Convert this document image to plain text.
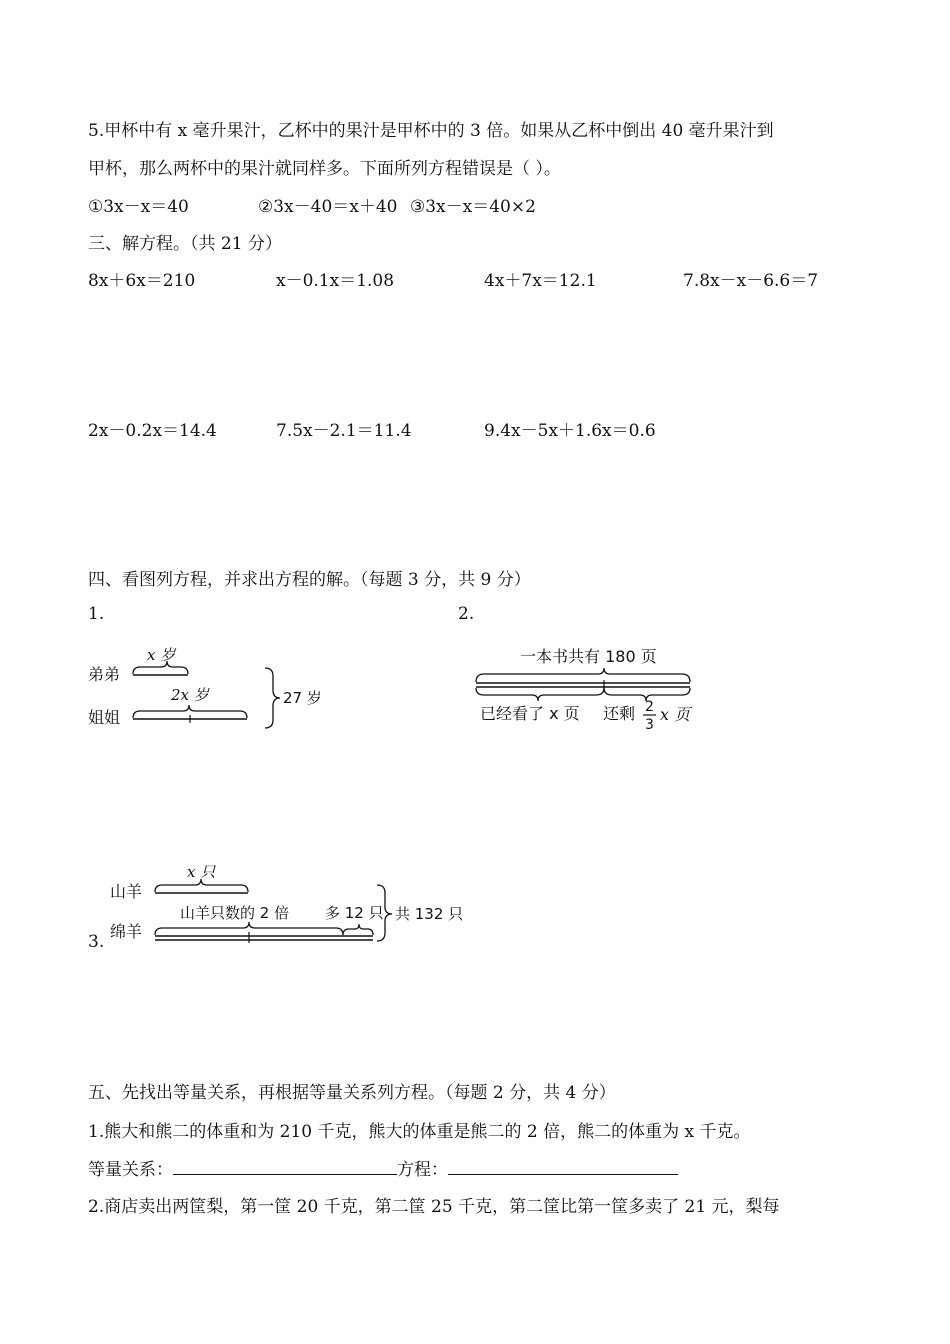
5.甲杯中有 x 毫升果汁，乙杯中的果汁是甲杯中的 3 倍。如果从乙杯中倒出 40 毫升果汁到
甲杯，那么两杯中的果汁就同样多。下面所列方程错误是（ ）。
①3x－x＝40	②3x－40＝x＋40 ③3x－x＝40×2
三、解方程。（共 21 分）
8x＋6x＝210	x－0.1x＝1.08	4x＋7x＝12.1	7.8x－x－6.6＝7
2x－0.2x＝14.4	7.5x－2.1＝11.4	9.4x－5x＋1.6x＝0.6
四、看图列方程，并求出方程的解。（每题 3 分，共 9 分）
1.	2.
x 岁
弟弟
2x 岁
姐姐
27 岁
一本书共有 180 页
已经看了 x 页 还剩 2
3
x 页
3.
x 只
山羊
山羊只数的 2 倍 多 12 只
绵羊
共 132 只
五、先找出等量关系，再根据等量关系列方程。（每题 2 分，共 4 分）
1.熊大和熊二的体重和为 210 千克，熊大的体重是熊二的 2 倍，熊二的体重为 x 千克。
等量关系：	方程：
2.商店卖出两筐梨，第一筐 20 千克，第二筐 25 千克，第二筐比第一筐多卖了 21 元，梨每
